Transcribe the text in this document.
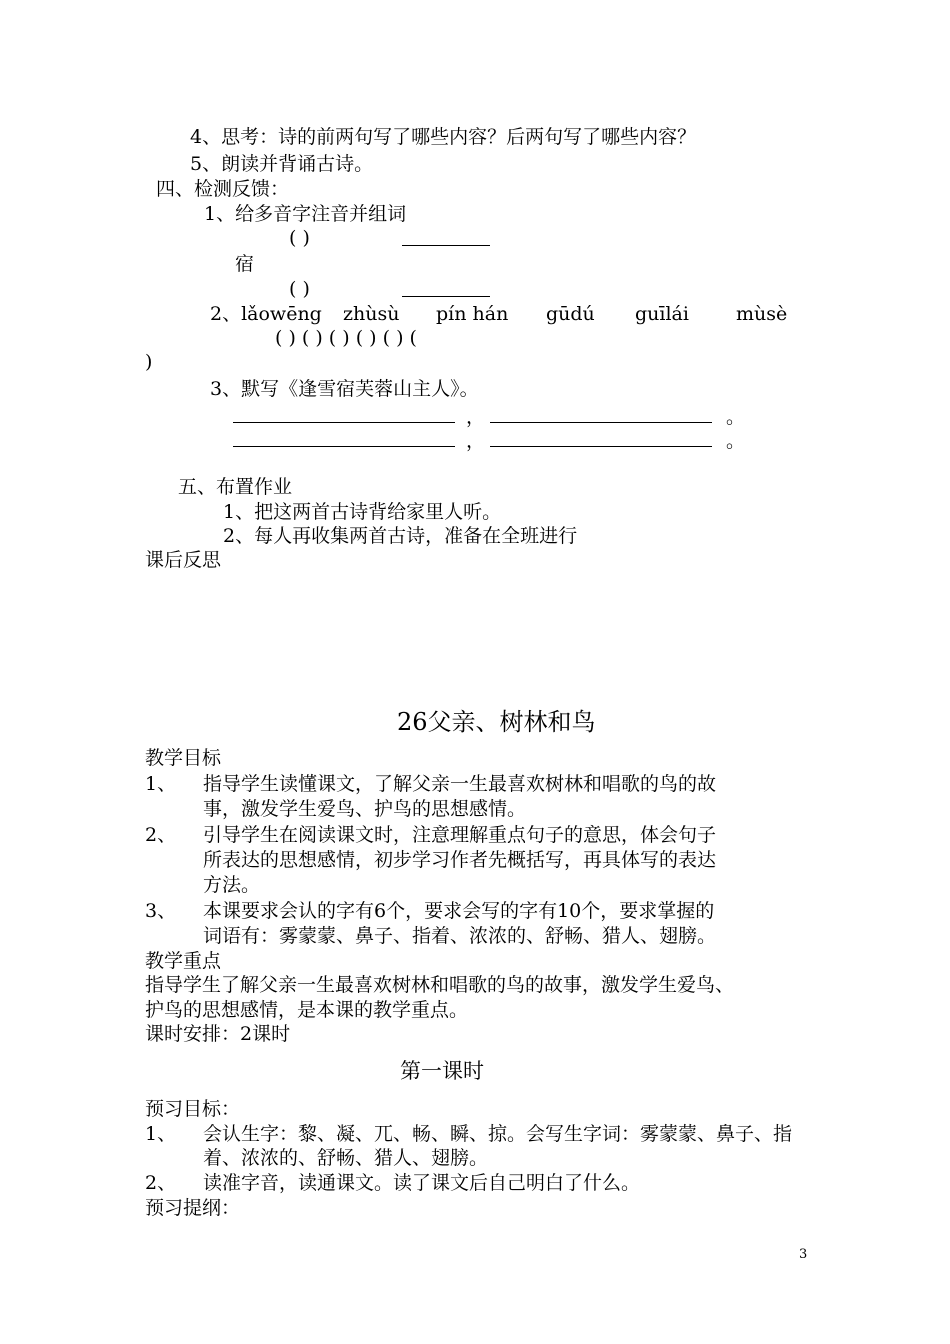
4、思考：诗的前两句写了哪些内容？后两句写了哪些内容？
5、朗读并背诵古诗。
四、检测反馈：
1、给多音字注音并组词
( )
宿
( )
2、lǎowēng zhùsù pín hán gūdú guīlái mùsè
( ) ( ) ( ) ( ) ( ) (
)
3、默写《逢雪宿芙蓉山主人》。
，	。
，	。
五、布置作业
1、把这两首古诗背给家里人听。
2、每人再收集两首古诗，准备在全班进行
课后反思
26父亲、树林和鸟
教学目标
1、 指导学生读懂课文，了解父亲一生最喜欢树林和唱歌的鸟的故
事，激发学生爱鸟、护鸟的思想感情。
2、 引导学生在阅读课文时，注意理解重点句子的意思，体会句子
所表达的思想感情，初步学习作者先概括写，再具体写的表达
方法。
3、 本课要求会认的字有6个，要求会写的字有10个，要求掌握的
词语有：雾蒙蒙、鼻子、指着、浓浓的、舒畅、猎人、翅膀。
教学重点
指导学生了解父亲一生最喜欢树林和唱歌的鸟的故事，激发学生爱鸟、
护鸟的思想感情，是本课的教学重点。
课时安排：2课时
第一课时
预习目标：
1、 会认生字：黎、凝、兀、畅、瞬、掠。会写生字词：雾蒙蒙、鼻子、指
着、浓浓的、舒畅、猎人、翅膀。
2、 读准字音，读通课文。读了课文后自己明白了什么。
预习提纲：
3
